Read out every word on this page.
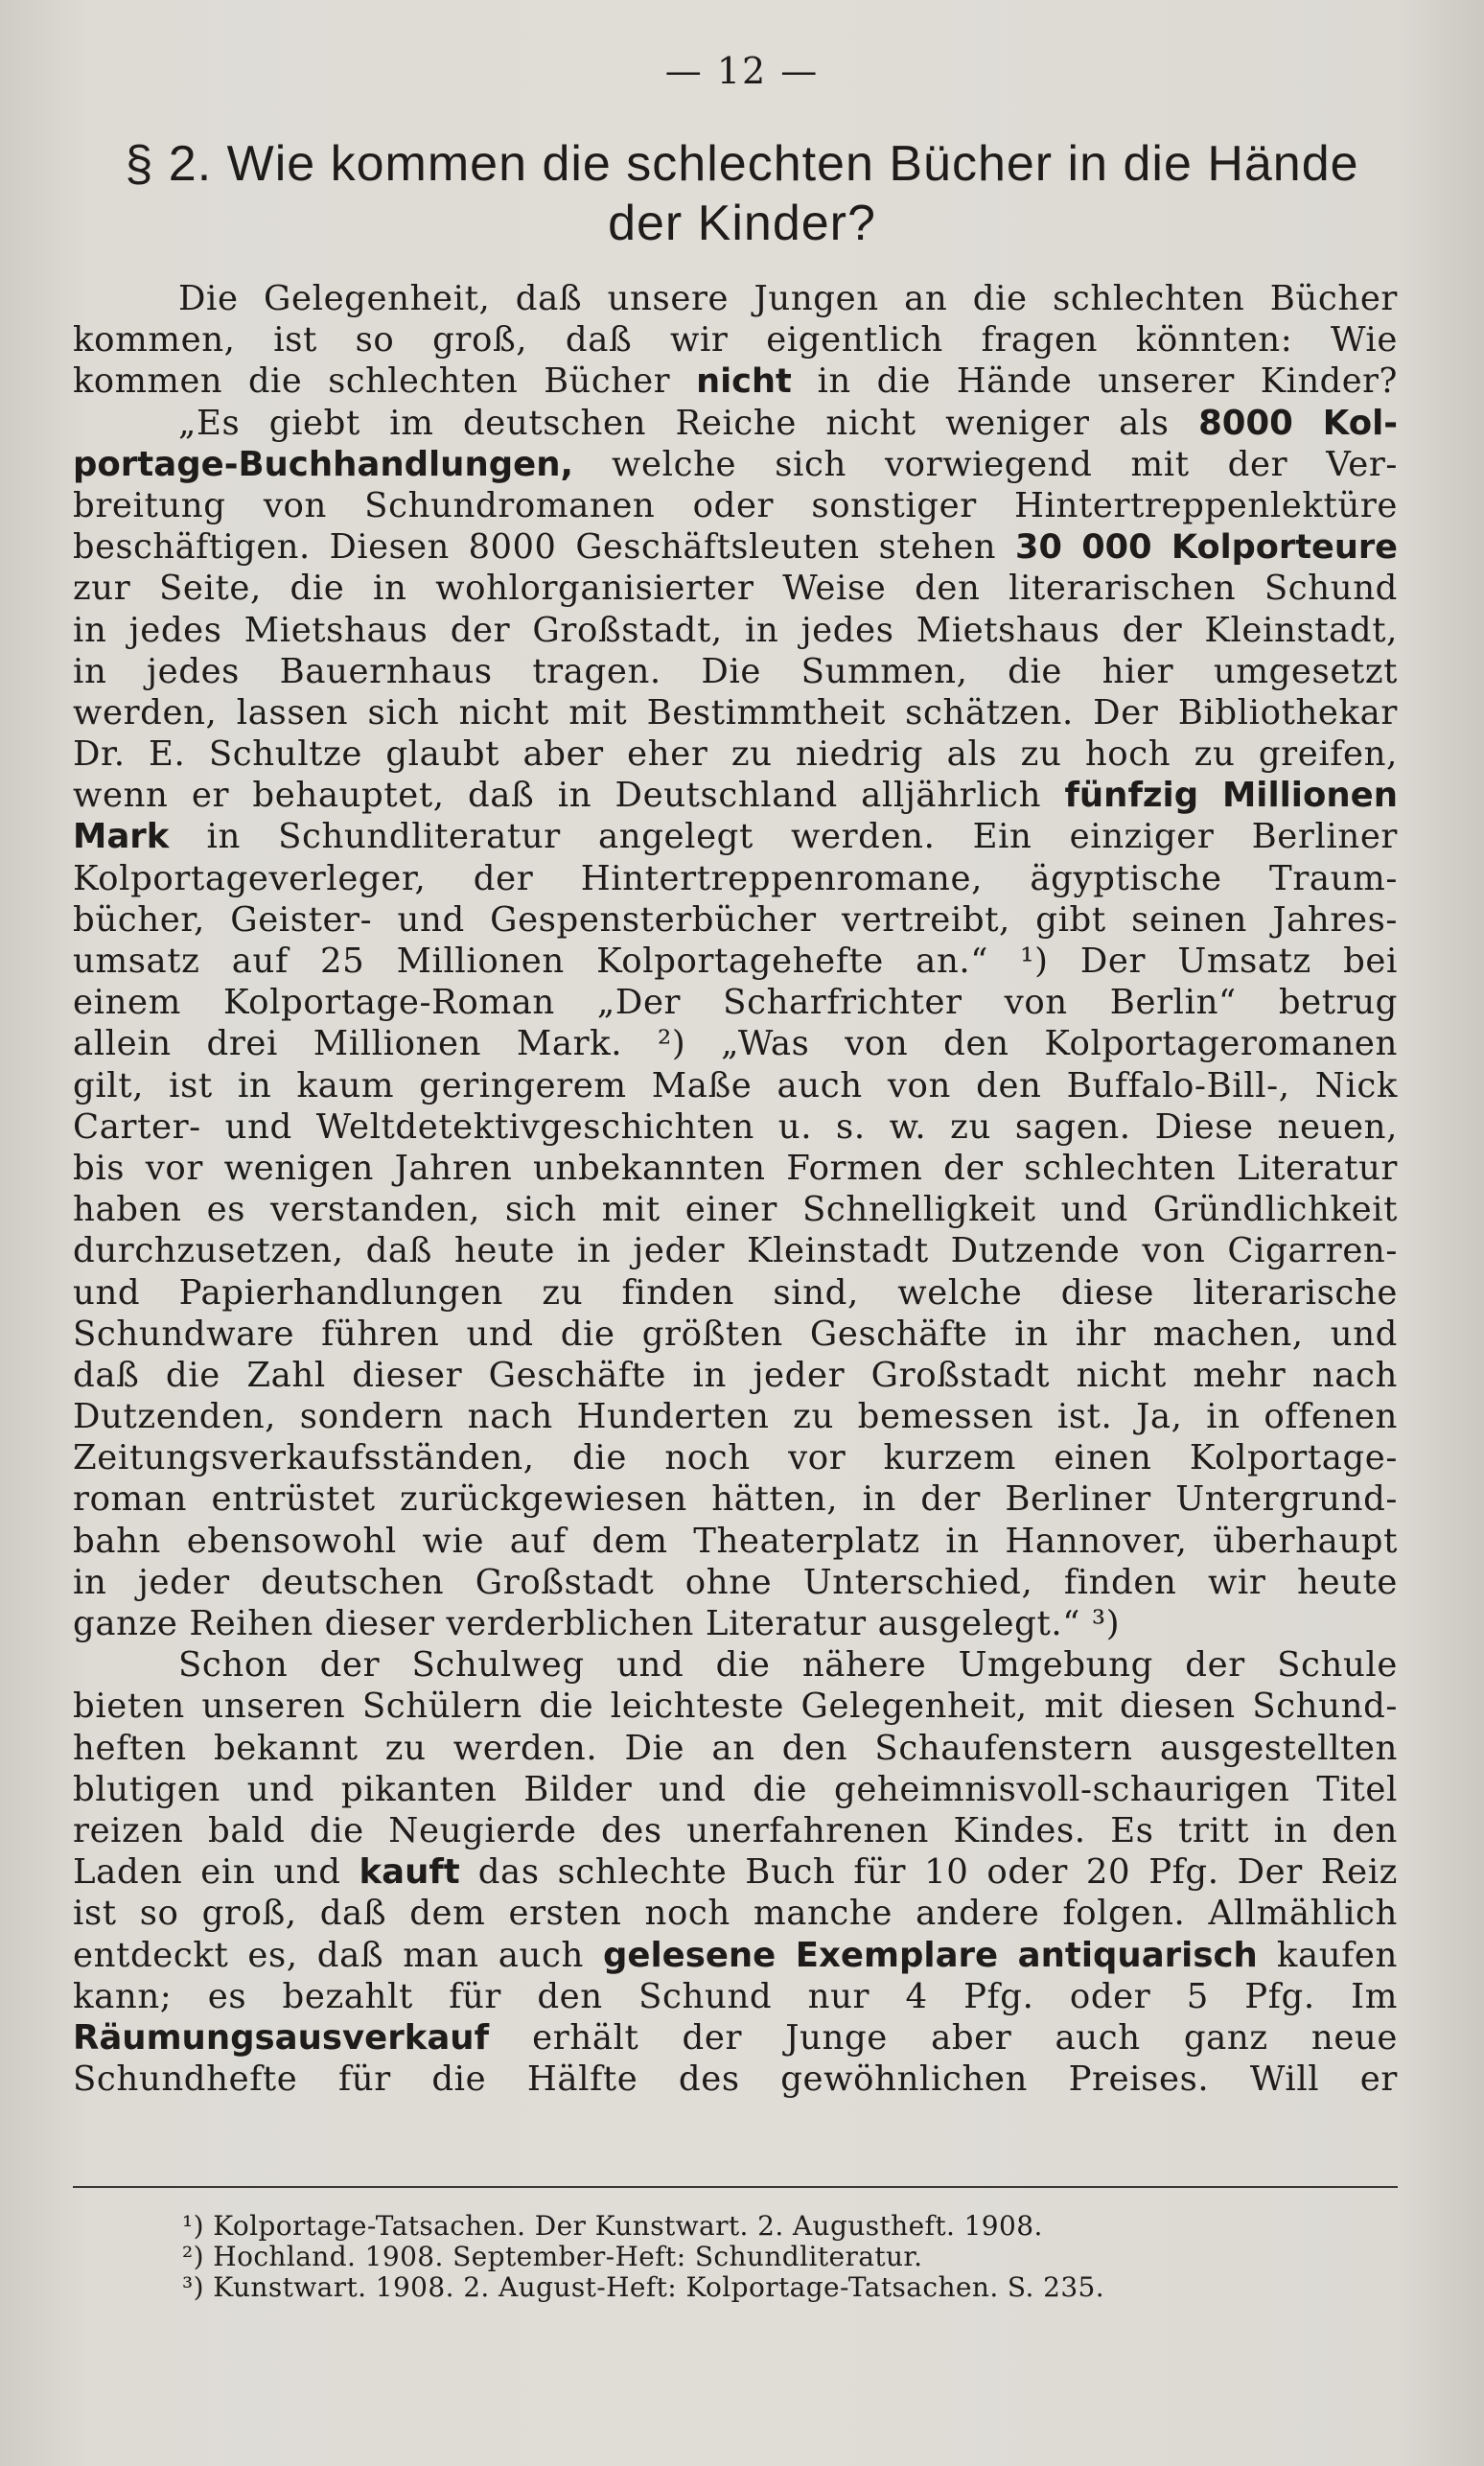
— 12 —
§ 2. Wie kommen die schlechten Bücher in die Hände
der Kinder?
Die Gelegenheit, daß unsere Jungen an die schlechten Bücher
kommen, ist so groß, daß wir eigentlich fragen könnten: Wie
kommen die schlechten Bücher nicht in die Hände unserer Kinder?
„Es giebt im deutschen Reiche nicht weniger als 8000 Kol-
portage-Buchhandlungen, welche sich vorwiegend mit der Ver-
breitung von Schundromanen oder sonstiger Hintertreppenlektüre
beschäftigen. Diesen 8000 Geschäftsleuten stehen 30 000 Kolporteure
zur Seite, die in wohlorganisierter Weise den literarischen Schund
in jedes Mietshaus der Großstadt, in jedes Mietshaus der Kleinstadt,
in jedes Bauernhaus tragen. Die Summen, die hier umgesetzt
werden, lassen sich nicht mit Bestimmtheit schätzen. Der Bibliothekar
Dr. E. Schultze glaubt aber eher zu niedrig als zu hoch zu greifen,
wenn er behauptet, daß in Deutschland alljährlich fünfzig Millionen
Mark in Schundliteratur angelegt werden. Ein einziger Berliner
Kolportageverleger, der Hintertreppenromane, ägyptische Traum-
bücher, Geister- und Gespensterbücher vertreibt, gibt seinen Jahres-
umsatz auf 25 Millionen Kolportagehefte an.“ ¹) Der Umsatz bei
einem Kolportage-Roman „Der Scharfrichter von Berlin“ betrug
allein drei Millionen Mark. ²) „Was von den Kolportageromanen
gilt, ist in kaum geringerem Maße auch von den Buffalo-Bill-, Nick
Carter- und Weltdetektivgeschichten u. s. w. zu sagen. Diese neuen,
bis vor wenigen Jahren unbekannten Formen der schlechten Literatur
haben es verstanden, sich mit einer Schnelligkeit und Gründlichkeit
durchzusetzen, daß heute in jeder Kleinstadt Dutzende von Cigarren-
und Papierhandlungen zu finden sind, welche diese literarische
Schundware führen und die größten Geschäfte in ihr machen, und
daß die Zahl dieser Geschäfte in jeder Großstadt nicht mehr nach
Dutzenden, sondern nach Hunderten zu bemessen ist. Ja, in offenen
Zeitungsverkaufsständen, die noch vor kurzem einen Kolportage-
roman entrüstet zurückgewiesen hätten, in der Berliner Untergrund-
bahn ebensowohl wie auf dem Theaterplatz in Hannover, überhaupt
in jeder deutschen Großstadt ohne Unterschied, finden wir heute
ganze Reihen dieser verderblichen Literatur ausgelegt.“ ³)
Schon der Schulweg und die nähere Umgebung der Schule
bieten unseren Schülern die leichteste Gelegenheit, mit diesen Schund-
heften bekannt zu werden. Die an den Schaufenstern ausgestellten
blutigen und pikanten Bilder und die geheimnisvoll-schaurigen Titel
reizen bald die Neugierde des unerfahrenen Kindes. Es tritt in den
Laden ein und kauft das schlechte Buch für 10 oder 20 Pfg. Der Reiz
ist so groß, daß dem ersten noch manche andere folgen. Allmählich
entdeckt es, daß man auch gelesene Exemplare antiquarisch kaufen
kann; es bezahlt für den Schund nur 4 Pfg. oder 5 Pfg. Im
Räumungsausverkauf erhält der Junge aber auch ganz neue
Schundhefte für die Hälfte des gewöhnlichen Preises. Will er
¹) Kolportage-Tatsachen. Der Kunstwart. 2. Augustheft. 1908.
²) Hochland. 1908. September-Heft: Schundliteratur.
³) Kunstwart. 1908. 2. August-Heft: Kolportage-Tatsachen. S. 235.
